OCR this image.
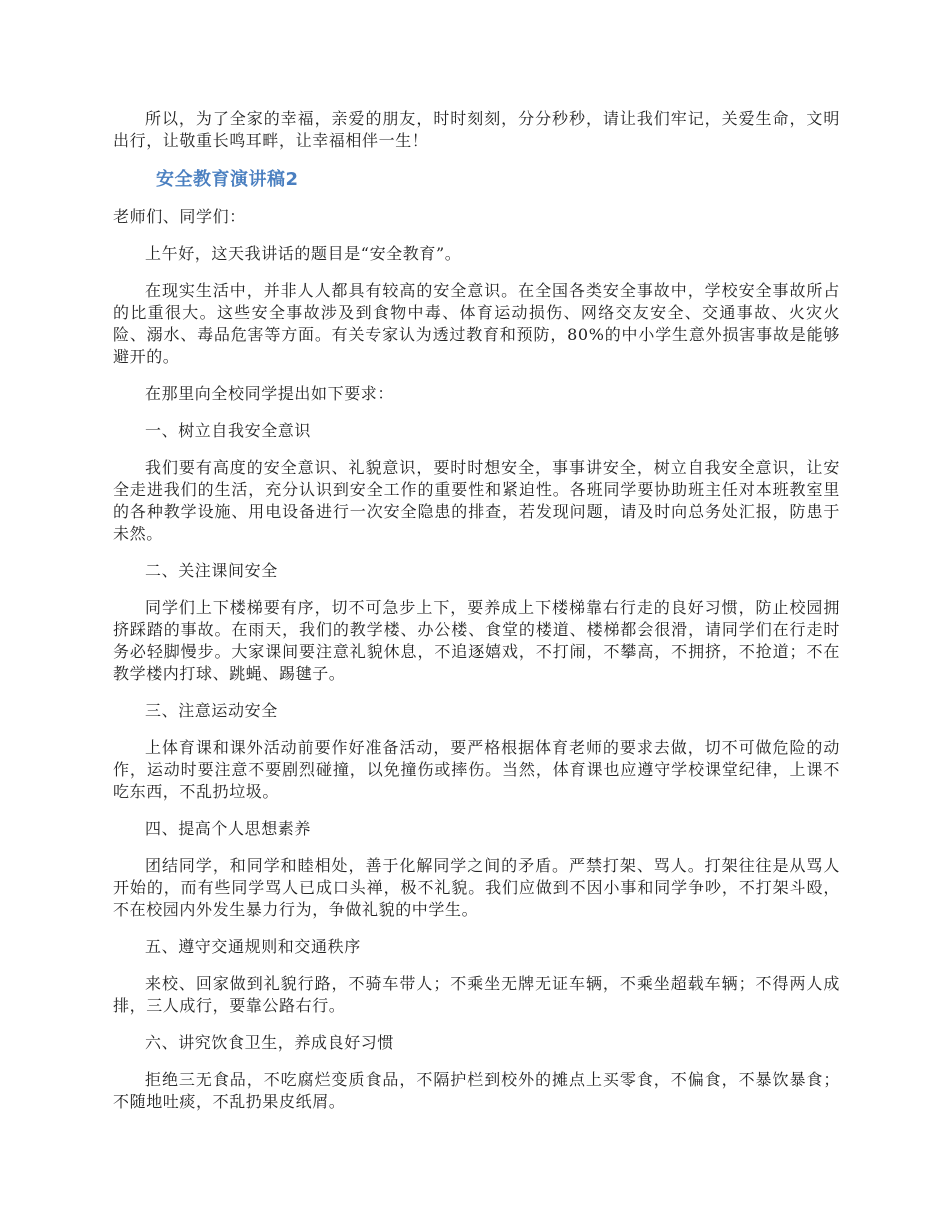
所以，为了全家的幸福，亲爱的朋友，时时刻刻，分分秒秒，请让我们牢记，关爱生命，文明出行，让敬重长鸣耳畔，让幸福相伴一生！

安全教育演讲稿2

老师们、同学们：

上午好，这天我讲话的题目是“安全教育”。

在现实生活中，并非人人都具有较高的安全意识。在全国各类安全事故中，学校安全事故所占的比重很大。这些安全事故涉及到食物中毒、体育运动损伤、网络交友安全、交通事故、火灾火险、溺水、毒品危害等方面。有关专家认为透过教育和预防，80%的中小学生意外损害事故是能够避开的。

在那里向全校同学提出如下要求：

一、树立自我安全意识

我们要有高度的安全意识、礼貌意识，要时时想安全，事事讲安全，树立自我安全意识，让安全走进我们的生活，充分认识到安全工作的重要性和紧迫性。各班同学要协助班主任对本班教室里的各种教学设施、用电设备进行一次安全隐患的排查，若发现问题，请及时向总务处汇报，防患于未然。

二、关注课间安全

同学们上下楼梯要有序，切不可急步上下，要养成上下楼梯靠右行走的良好习惯，防止校园拥挤踩踏的事故。在雨天，我们的教学楼、办公楼、食堂的楼道、楼梯都会很滑，请同学们在行走时务必轻脚慢步。大家课间要注意礼貌休息，不追逐嬉戏，不打闹，不攀高，不拥挤，不抢道；不在教学楼内打球、跳蝇、踢毽子。

三、注意运动安全

上体育课和课外活动前要作好准备活动，要严格根据体育老师的要求去做，切不可做危险的动作，运动时要注意不要剧烈碰撞，以免撞伤或摔伤。当然，体育课也应遵守学校课堂纪律，上课不吃东西，不乱扔垃圾。

四、提高个人思想素养

团结同学，和同学和睦相处，善于化解同学之间的矛盾。严禁打架、骂人。打架往往是从骂人开始的，而有些同学骂人已成口头禅，极不礼貌。我们应做到不因小事和同学争吵，不打架斗殴，不在校园内外发生暴力行为，争做礼貌的中学生。

五、遵守交通规则和交通秩序

来校、回家做到礼貌行路，不骑车带人；不乘坐无牌无证车辆，不乘坐超载车辆；不得两人成排，三人成行，要靠公路右行。

六、讲究饮食卫生，养成良好习惯

拒绝三无食品，不吃腐烂变质食品，不隔护栏到校外的摊点上买零食，不偏食，不暴饮暴食；不随地吐痰，不乱扔果皮纸屑。
